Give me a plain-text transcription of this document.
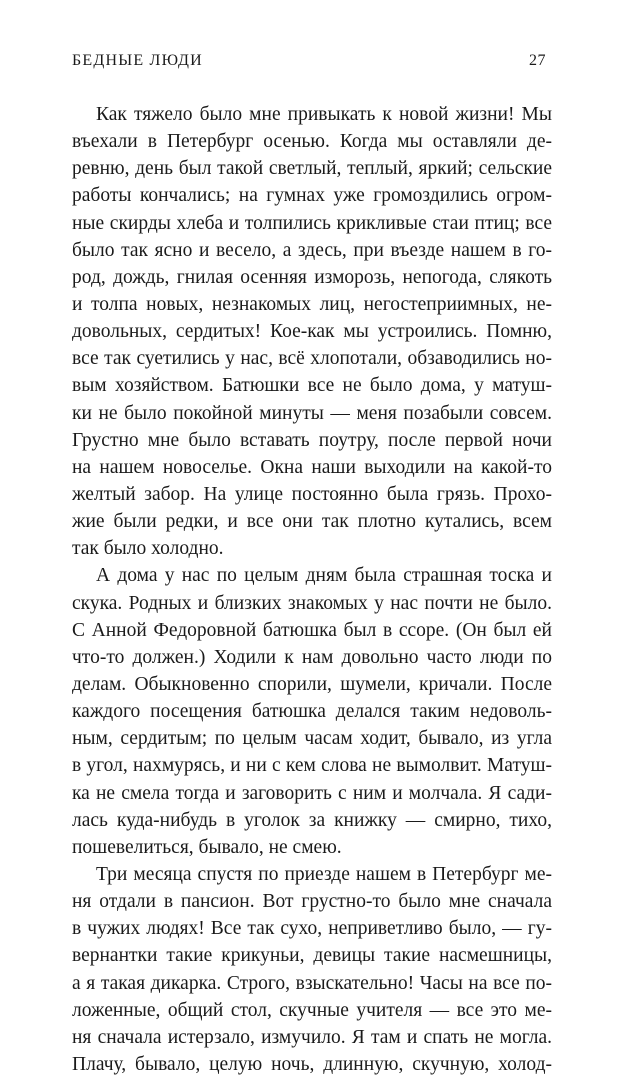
БЕДНЫЕ ЛЮДИ	27
Как тяжело было мне привыкать к новой жизни! Мы
въехали в Петербург осенью. Когда мы оставляли де-
ревню, день был такой светлый, теплый, яркий; сельские
работы кончались; на гумнах уже громоздились огром-
ные скирды хлеба и толпились крикливые стаи птиц; все
было так ясно и весело, а здесь, при въезде нашем в го-
род, дождь, гнилая осенняя изморозь, непогода, слякоть
и толпа новых, незнакомых лиц, негостеприимных, не-
довольных, сердитых! Кое-как мы устроились. Помню,
все так суетились у нас, всё хлопотали, обзаводились но-
вым хозяйством. Батюшки все не было дома, у матуш-
ки не было покойной минуты — меня позабыли совсем.
Грустно мне было вставать поутру, после первой ночи
на нашем новоселье. Окна наши выходили на какой-то
желтый забор. На улице постоянно была грязь. Прохо-
жие были редки, и все они так плотно кутались, всем
так было холодно.
А дома у нас по целым дням была страшная тоска и
скука. Родных и близких знакомых у нас почти не было.
С Анной Федоровной батюшка был в ссоре. (Он был ей
что-то должен.) Ходили к нам довольно часто люди по
делам. Обыкновенно спорили, шумели, кричали. После
каждого посещения батюшка делался таким недоволь-
ным, сердитым; по целым часам ходит, бывало, из угла
в угол, нахмурясь, и ни с кем слова не вымолвит. Матуш-
ка не смела тогда и заговорить с ним и молчала. Я сади-
лась куда-нибудь в уголок за книжку — смирно, тихо,
пошевелиться, бывало, не смею.
Три месяца спустя по приезде нашем в Петербург ме-
ня отдали в пансион. Вот грустно-то было мне сначала
в чужих людях! Все так сухо, неприветливо было, — гу-
вернантки такие крикуньи, девицы такие насмешницы,
а я такая дикарка. Строго, взыскательно! Часы на все по-
ложенные, общий стол, скучные учителя — все это ме-
ня сначала истерзало, измучило. Я там и спать не могла.
Плачу, бывало, целую ночь, длинную, скучную, холод-
